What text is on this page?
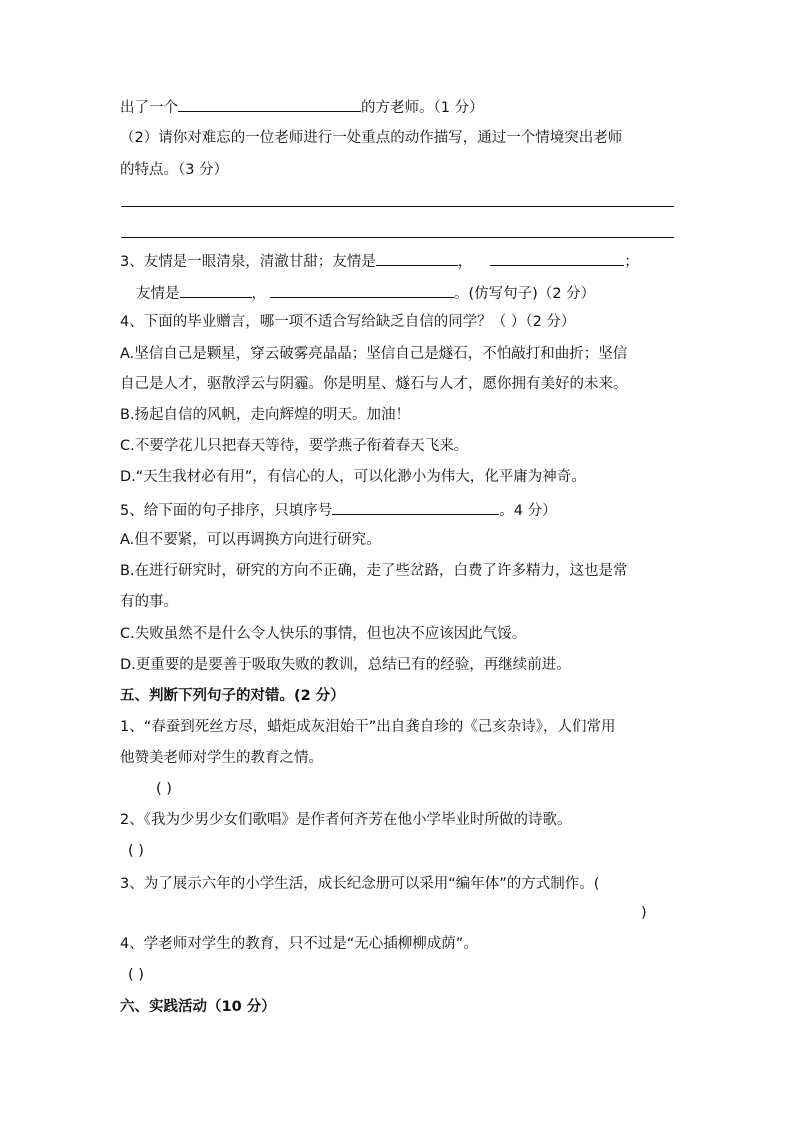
出了一个	的方老师。（1 分）
（2）请你对难忘的一位老师进行一处重点的动作描写，通过一个情境突出老师
的特点。（3 分）
3、友情是一眼清泉，清澈甘甜；友情是	，	；
友情是	，	。(仿写句子)（2 分）
4、下面的毕业赠言，哪一项不适合写给缺乏自信的同学？（ ）（2 分）
A.坚信自己是颗星，穿云破雾亮晶晶；坚信自己是燧石，不怕敲打和曲折；坚信
自己是人才，驱散浮云与阴霾。你是明星、燧石与人才，愿你拥有美好的未来。
B.扬起自信的风帆，走向辉煌的明天。加油！
C.不要学花儿只把春天等待，要学燕子衔着春天飞来。
D.“天生我材必有用”，有信心的人，可以化渺小为伟大，化平庸为神奇。
5、给下面的句子排序，只填序号	。4 分）
A.但不要紧，可以再调换方向进行研究。
B.在进行研究时，研究的方向不正确，走了些岔路，白费了许多精力，这也是常
有的事。
C.失败虽然不是什么令人快乐的事情，但也决不应该因此气馁。
D.更重要的是要善于吸取失败的教训，总结已有的经验，再继续前进。
五、判断下列句子的对错。(2 分）
1、“春蚕到死丝方尽，蜡炬成灰泪始干”出自龚自珍的《己亥杂诗》，人们常用
他赞美老师对学生的教育之情。
( )
2、《我为少男少女们歌唱》是作者何齐芳在他小学毕业时所做的诗歌。
( )
3、为了展示六年的小学生活，成长纪念册可以采用“编年体”的方式制作。(
)
4、学老师对学生的教育，只不过是“无心插柳柳成荫”。
( )
六、实践活动（10 分）
